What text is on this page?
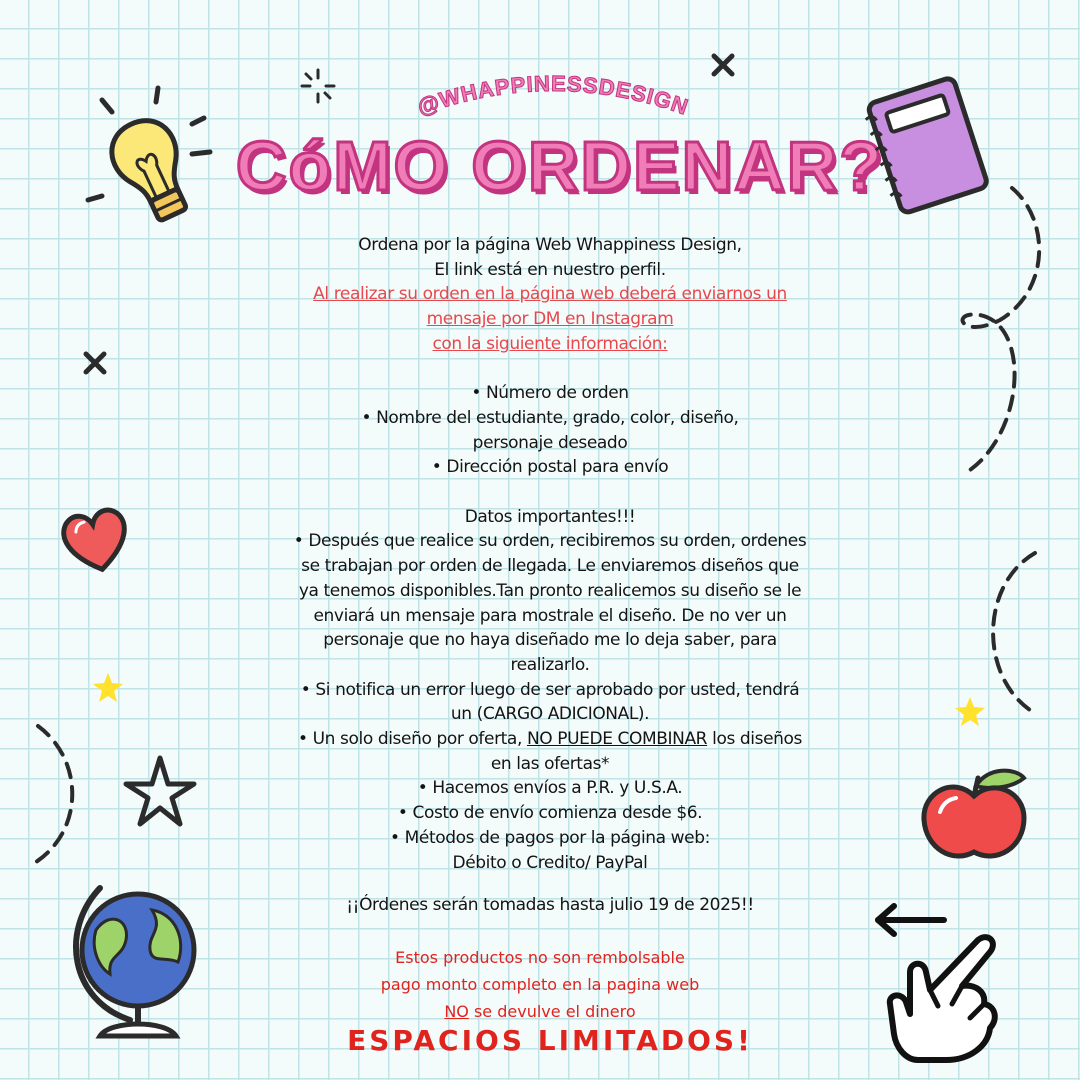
@WHAPPINESSDESIGN
CóMO ORDENAR?
Ordena por la página Web Whappiness Design,
El link está en nuestro perfil.
Al realizar su orden en la página web deberá enviarnos un
mensaje por DM en Instagram
con la siguiente información:
• Número de orden
• Nombre del estudiante, grado, color, diseño,
personaje deseado
• Dirección postal para envío
Datos importantes!!!
• Después que realice su orden, recibiremos su orden, ordenes
se trabajan por orden de llegada. Le enviaremos diseños que
ya tenemos disponibles.Tan pronto realicemos su diseño se le
enviará un mensaje para mostrale el diseño. De no ver un
personaje que no haya diseñado me lo deja saber, para
realizarlo.
• Si notifica un error luego de ser aprobado por usted, tendrá
un (CARGO ADICIONAL).
• Un solo diseño por oferta, NO PUEDE COMBINAR los diseños
en las ofertas*
• Hacemos envíos a P.R. y U.S.A.
• Costo de envío comienza desde $6.
• Métodos de pagos por la página web:
Débito o Credito/ PayPal
¡¡Órdenes serán tomadas hasta julio 19 de 2025!!
Estos productos no son rembolsable
pago monto completo en la pagina web
NO se devulve el dinero
ESPACIOS LIMITADOS!
